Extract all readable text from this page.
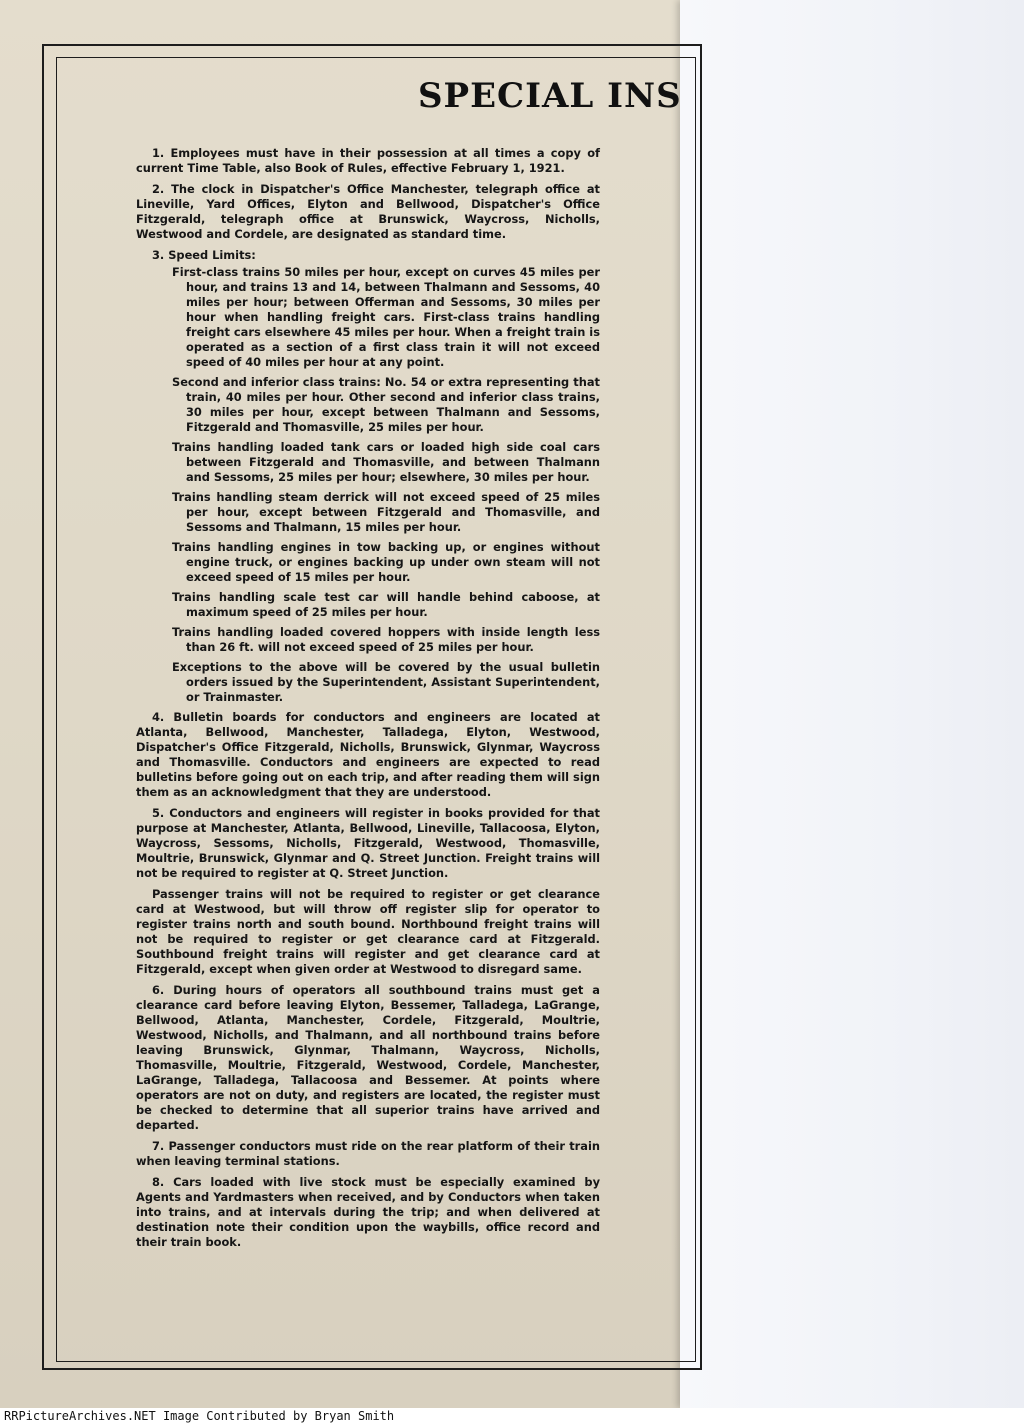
SPECIAL INS

1. Employees must have in their possession at all times a copy of current Time Table, also Book of Rules, effective February 1, 1921.

2. The clock in Dispatcher's Office Manchester, telegraph office at Lineville, Yard Offices, Elyton and Bellwood, Dispatcher's Office Fitzgerald, telegraph office at Brunswick, Waycross, Nicholls, Westwood and Cordele, are designated as standard time.

3. Speed Limits:

First-class trains 50 miles per hour, except on curves 45 miles per hour, and trains 13 and 14, between Thalmann and Sessoms, 40 miles per hour; between Offerman and Sessoms, 30 miles per hour when handling freight cars. First-class trains handling freight cars elsewhere 45 miles per hour. When a freight train is operated as a section of a first class train it will not exceed speed of 40 miles per hour at any point.

Second and inferior class trains: No. 54 or extra representing that train, 40 miles per hour. Other second and inferior class trains, 30 miles per hour, except between Thalmann and Sessoms, Fitzgerald and Thomasville, 25 miles per hour.

Trains handling loaded tank cars or loaded high side coal cars between Fitzgerald and Thomasville, and between Thalmann and Sessoms, 25 miles per hour; elsewhere, 30 miles per hour.

Trains handling steam derrick will not exceed speed of 25 miles per hour, except between Fitzgerald and Thomasville, and Sessoms and Thalmann, 15 miles per hour.

Trains handling engines in tow backing up, or engines without engine truck, or engines backing up under own steam will not exceed speed of 15 miles per hour.

Trains handling scale test car will handle behind caboose, at maximum speed of 25 miles per hour.

Trains handling loaded covered hoppers with inside length less than 26 ft. will not exceed speed of 25 miles per hour.

Exceptions to the above will be covered by the usual bulletin orders issued by the Superintendent, Assistant Superintendent, or Trainmaster.

4. Bulletin boards for conductors and engineers are located at Atlanta, Bellwood, Manchester, Talladega, Elyton, Westwood, Dispatcher's Office Fitzgerald, Nicholls, Brunswick, Glynmar, Waycross and Thomasville. Conductors and engineers are expected to read bulletins before going out on each trip, and after reading them will sign them as an acknowledgment that they are understood.

5. Conductors and engineers will register in books provided for that purpose at Manchester, Atlanta, Bellwood, Lineville, Tallacoosa, Elyton, Waycross, Sessoms, Nicholls, Fitzgerald, Westwood, Thomasville, Moultrie, Brunswick, Glynmar and Q. Street Junction. Freight trains will not be required to register at Q. Street Junction.

Passenger trains will not be required to register or get clearance card at Westwood, but will throw off register slip for operator to register trains north and south bound. Northbound freight trains will not be required to register or get clearance card at Fitzgerald. Southbound freight trains will register and get clearance card at Fitzgerald, except when given order at Westwood to disregard same.

6. During hours of operators all southbound trains must get a clearance card before leaving Elyton, Bessemer, Talladega, LaGrange, Bellwood, Atlanta, Manchester, Cordele, Fitzgerald, Moultrie, Westwood, Nicholls, and Thalmann, and all northbound trains before leaving Brunswick, Glynmar, Thalmann, Waycross, Nicholls, Thomasville, Moultrie, Fitzgerald, Westwood, Cordele, Manchester, LaGrange, Talladega, Tallacoosa and Bessemer. At points where operators are not on duty, and registers are located, the register must be checked to determine that all superior trains have arrived and departed.

7. Passenger conductors must ride on the rear platform of their train when leaving terminal stations.

8. Cars loaded with live stock must be especially examined by Agents and Yardmasters when received, and by Conductors when taken into trains, and at intervals during the trip; and when delivered at destination note their condition upon the waybills, office record and their train book.

RRPictureArchives.NET Image Contributed by Bryan Smith
